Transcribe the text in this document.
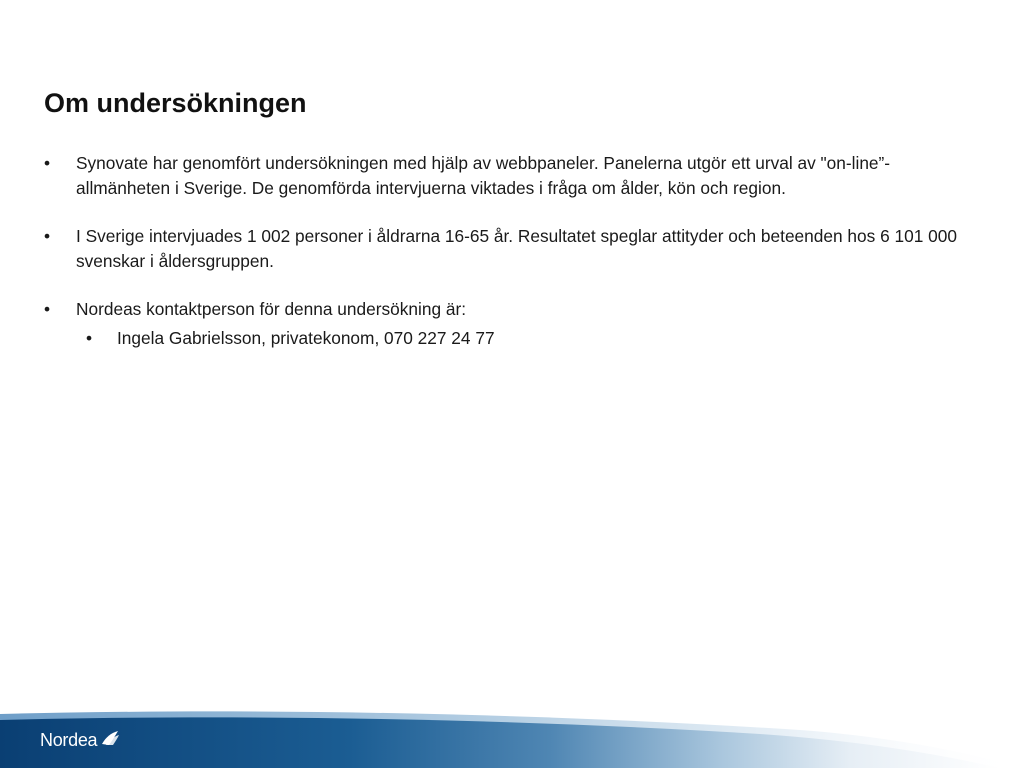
Om undersökningen
•	Synovate har genomfört undersökningen med hjälp av webbpaneler. Panelerna utgör ett urval av "on-line”-allmänheten i Sverige. De genomförda intervjuerna viktades i fråga om ålder, kön och region.
•	I Sverige intervjuades 1 002 personer i åldrarna 16-65 år. Resultatet speglar attityder och beteenden hos 6 101 000 svenskar i åldersgruppen.
•	Nordeas kontaktperson för denna undersökning är:
•	Ingela Gabrielsson, privatekonom, 070 227 24 77
Nordea
